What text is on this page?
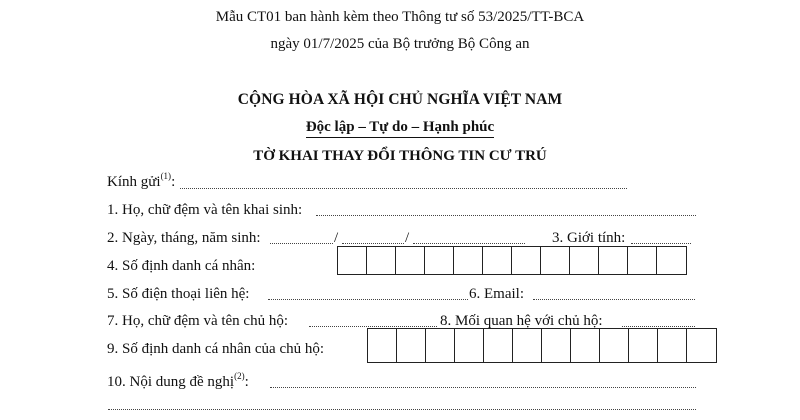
Mẫu CT01 ban hành kèm theo Thông tư số 53/2025/TT-BCA
ngày 01/7/2025 của Bộ trưởng Bộ Công an
CỘNG HÒA XÃ HỘI CHỦ NGHĨA VIỆT NAM
Độc lập – Tự do – Hạnh phúc
TỜ KHAI THAY ĐỔI THÔNG TIN CƯ TRÚ
Kính gửi$^{(1)}$:
1. Họ, chữ đệm và tên khai sinh:
2. Ngày, tháng, năm sinh:	/	/	3. Giới tính:
4. Số định danh cá nhân:
5. Số điện thoại liên hệ:	6. Email:
7. Họ, chữ đệm và tên chủ hộ:	8. Mối quan hệ với chủ hộ:
9. Số định danh cá nhân của chủ hộ:
10. Nội dung đề nghị$^{(2)}$:
